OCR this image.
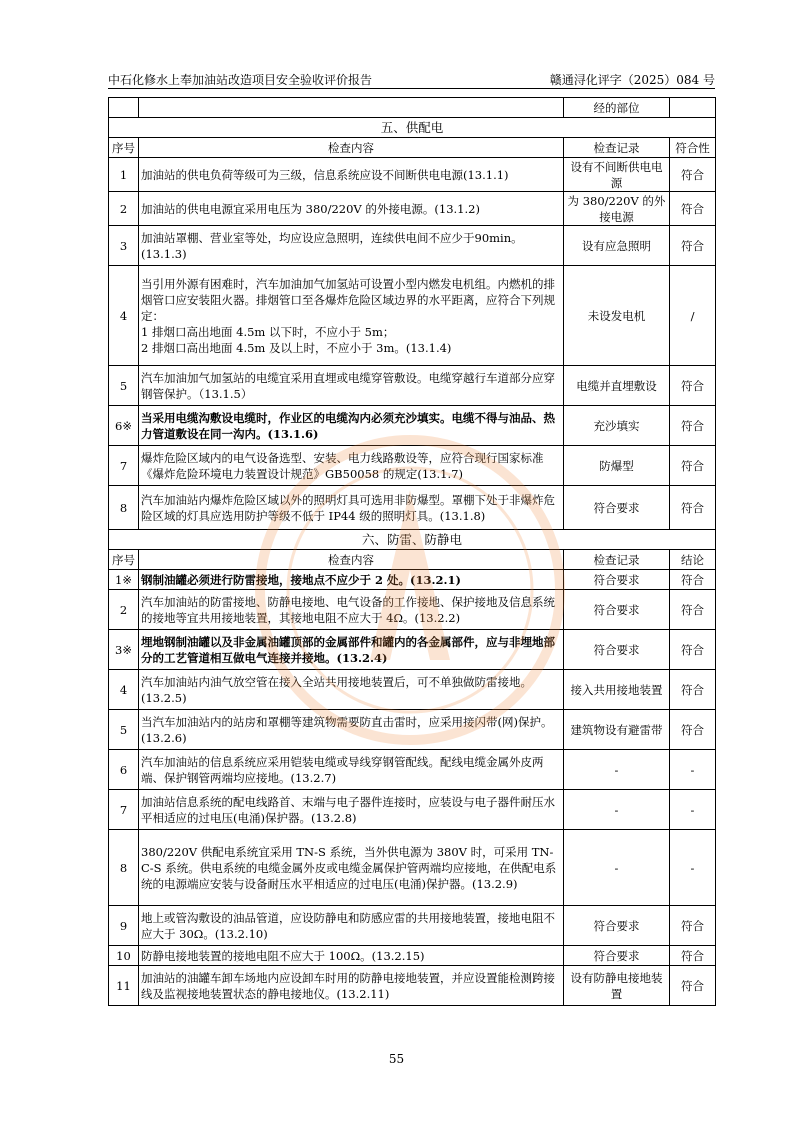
中石化修水上奉加油站改造项目安全验收评价报告	赣通浔化评字（2025）084 号
		经的部位	
五、供配电			
序号	检查内容	检查记录	符合性
1	加油站的供电负荷等级可为三级，信息系统应设不间断供电电源(13.1.1)	设有不间断供电电源	符合
2	加油站的供电电源宜采用电压为 380/220V 的外接电源。(13.1.2)	为 380/220V 的外接电源	符合
3	加油站罩棚、营业室等处，均应设应急照明，连续供电间不应少于90min。(13.1.3)	设有应急照明	符合
4	当引用外源有困难时，汽车加油加气加氢站可设置小型内燃发电机组。内燃机的排烟管口应安装阻火器。排烟管口至各爆炸危险区域边界的水平距离，应符合下列规定：
1 排烟口高出地面 4.5m 以下时，不应小于 5m；
2 排烟口高出地面 4.5m 及以上时，不应小于 3m。(13.1.4)	未设发电机	/
5	汽车加油加气加氢站的电缆宜采用直埋或电缆穿管敷设。电缆穿越行车道部分应穿钢管保护。（13.1.5）	电缆并直埋敷设	符合
6※	当采用电缆沟敷设电缆时，作业区的电缆沟内必须充沙填实。电缆不得与油品、热力管道敷设在同一沟内。(13.1.6)	充沙填实	符合
7	爆炸危险区域内的电气设备选型、安装、电力线路敷设等，应符合现行国家标准《爆炸危险环境电力装置设计规范》GB50058 的规定(13.1.7)	防爆型	符合
8	汽车加油站内爆炸危险区域以外的照明灯具可选用非防爆型。罩棚下处于非爆炸危险区域的灯具应选用防护等级不低于 IP44 级的照明灯具。(13.1.8)	符合要求	符合
六、防雷、防静电			
序号	检查内容	检查记录	结论
1※	钢制油罐必须进行防雷接地，接地点不应少于 2 处。(13.2.1)	符合要求	符合
2	汽车加油站的防雷接地、防静电接地、电气设备的工作接地、保护接地及信息系统的接地等宜共用接地装置，其接地电阻不应大于 4Ω。(13.2.2)	符合要求	符合
3※	埋地钢制油罐以及非金属油罐顶部的金属部件和罐内的各金属部件，应与非埋地部分的工艺管道相互做电气连接并接地。(13.2.4)	符合要求	符合
4	汽车加油站内油气放空管在接入全站共用接地装置后，可不单独做防雷接地。(13.2.5)	接入共用接地装置	符合
5	当汽车加油站内的站房和罩棚等建筑物需要防直击雷时，应采用接闪带(网)保护。(13.2.6)	建筑物设有避雷带	符合
6	汽车加油站的信息系统应采用铠装电缆或导线穿钢管配线。配线电缆金属外皮两端、保护钢管两端均应接地。(13.2.7)	-	-
7	加油站信息系统的配电线路首、末端与电子器件连接时，应装设与电子器件耐压水平相适应的过电压(电涌)保护器。(13.2.8)	-	-
8	380/220V 供配电系统宜采用 TN-S 系统，当外供电源为 380V 时，可采用 TN-C-S 系统。供电系统的电缆金属外皮或电缆金属保护管两端均应接地，在供配电系统的电源端应安装与设备耐压水平相适应的过电压(电涌)保护器。(13.2.9)	-	-
9	地上或管沟敷设的油品管道，应设防静电和防感应雷的共用接地装置，接地电阻不应大于 30Ω。(13.2.10)	符合要求	符合
10	防静电接地装置的接地电阻不应大于 100Ω。(13.2.15)	符合要求	符合
11	加油站的油罐车卸车场地内应设卸车时用的防静电接地装置，并应设置能检测跨接线及监视接地装置状态的静电接地仪。(13.2.11)	设有防静电接地装置	符合
55
